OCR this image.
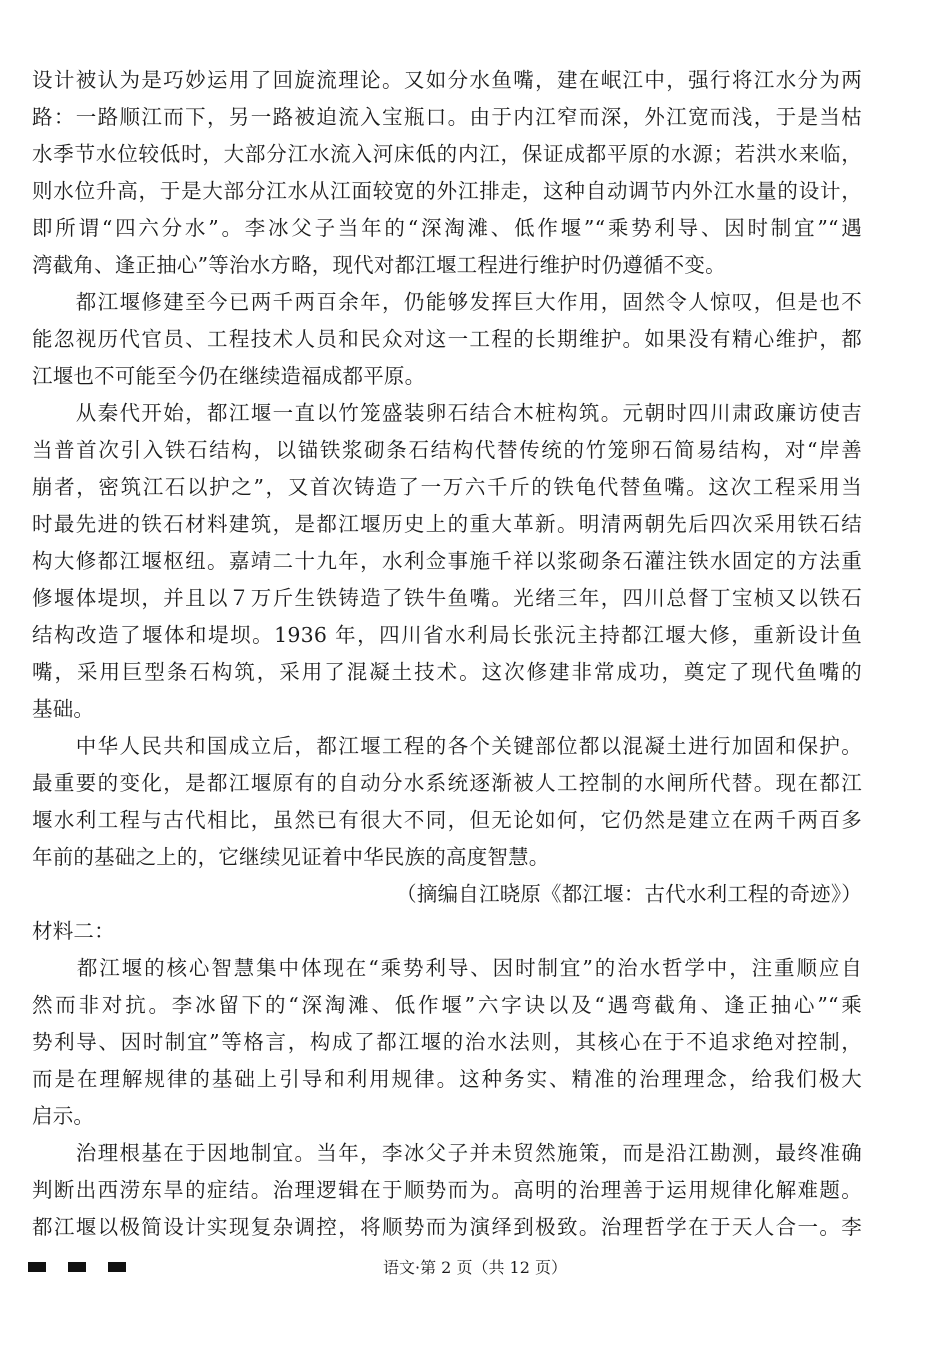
设计被认为是巧妙运用了回旋流理论。又如分水鱼嘴，建在岷江中，强行将江水分为两
路：一路顺江而下，另一路被迫流入宝瓶口。由于内江窄而深，外江宽而浅，于是当枯
水季节水位较低时，大部分江水流入河床低的内江，保证成都平原的水源；若洪水来临，
则水位升高，于是大部分江水从江面较宽的外江排走，这种自动调节内外江水量的设计，
即所谓“四六分水”。李冰父子当年的“深淘滩、低作堰”“乘势利导、因时制宜”“遇
湾截角、逢正抽心”等治水方略，现代对都江堰工程进行维护时仍遵循不变。
　　都江堰修建至今已两千两百余年，仍能够发挥巨大作用，固然令人惊叹，但是也不
能忽视历代官员、工程技术人员和民众对这一工程的长期维护。如果没有精心维护，都
江堰也不可能至今仍在继续造福成都平原。
　　从秦代开始，都江堰一直以竹笼盛装卵石结合木桩构筑。元朝时四川肃政廉访使吉
当普首次引入铁石结构，以锚铁浆砌条石结构代替传统的竹笼卵石简易结构，对“岸善
崩者，密筑江石以护之”，又首次铸造了一万六千斤的铁龟代替鱼嘴。这次工程采用当
时最先进的铁石材料建筑，是都江堰历史上的重大革新。明清两朝先后四次采用铁石结
构大修都江堰枢纽。嘉靖二十九年，水利佥事施千祥以浆砌条石灌注铁水固定的方法重
修堰体堤坝，并且以７万斤生铁铸造了铁牛鱼嘴。光绪三年，四川总督丁宝桢又以铁石
结构改造了堰体和堤坝。1936 年，四川省水利局长张沅主持都江堰大修，重新设计鱼
嘴，采用巨型条石构筑，采用了混凝土技术。这次修建非常成功，奠定了现代鱼嘴的
基础。
　　中华人民共和国成立后，都江堰工程的各个关键部位都以混凝土进行加固和保护。
最重要的变化，是都江堰原有的自动分水系统逐渐被人工控制的水闸所代替。现在都江
堰水利工程与古代相比，虽然已有很大不同，但无论如何，它仍然是建立在两千两百多
年前的基础之上的，它继续见证着中华民族的高度智慧。
（摘编自江晓原《都江堰：古代水利工程的奇迹》）
材料二：
　　都江堰的核心智慧集中体现在“乘势利导、因时制宜”的治水哲学中，注重顺应自
然而非对抗。李冰留下的“深淘滩、低作堰”六字诀以及“遇弯截角、逢正抽心”“乘
势利导、因时制宜”等格言，构成了都江堰的治水法则，其核心在于不追求绝对控制，
而是在理解规律的基础上引导和利用规律。这种务实、精准的治理理念，给我们极大
启示。
　　治理根基在于因地制宜。当年，李冰父子并未贸然施策，而是沿江勘测，最终准确
判断出西涝东旱的症结。治理逻辑在于顺势而为。高明的治理善于运用规律化解难题。
都江堰以极简设计实现复杂调控，将顺势而为演绎到极致。治理哲学在于天人合一。李
语文·第 2 页（共 12 页）
